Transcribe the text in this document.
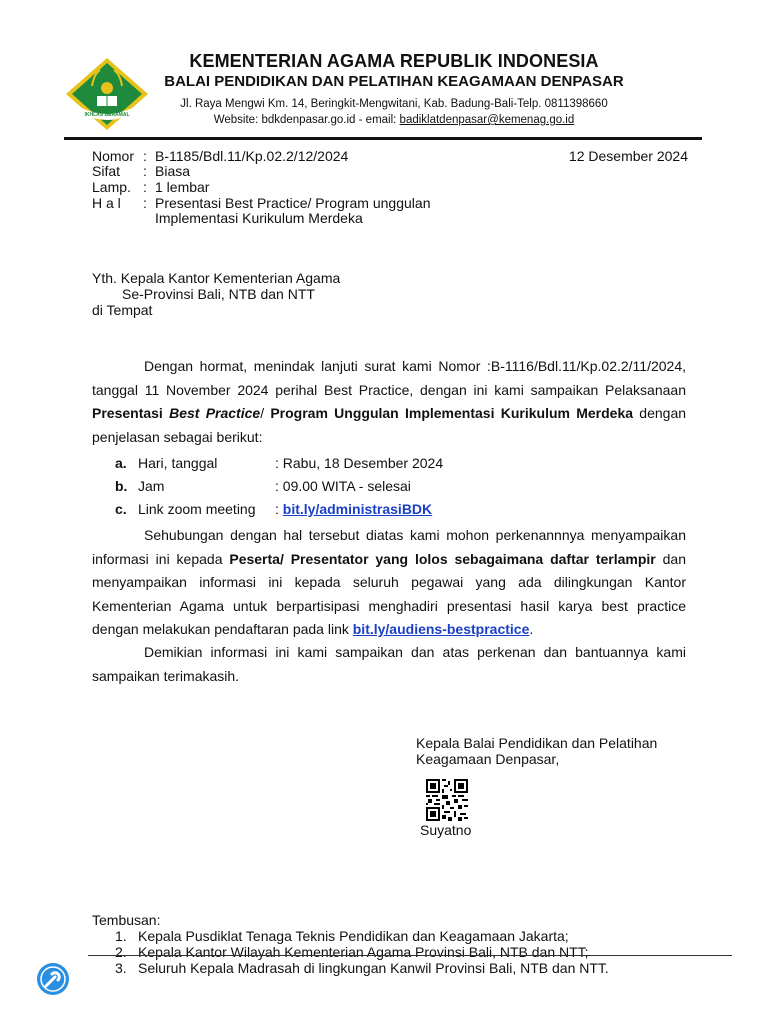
IKHLAS BERAMAL
KEMENTERIAN AGAMA REPUBLIK INDONESIA
BALAI PENDIDIKAN DAN PELATIHAN KEAGAMAAN DENPASAR
Jl. Raya Mengwi Km. 14, Beringkit-Mengwitani, Kab. Badung-Bali-Telp. 0811398660
Website: bdkdenpasar.go.id - email: badiklatdenpasar@kemenag.go.id
Nomor : B-1185/Bdl.11/Kp.02.2/12/2024
Sifat : Biasa
Lamp. : 1 lembar
H a l : Presentasi Best Practice/ Program unggulan
Implementasi Kurikulum Merdeka
12 Desember 2024
Yth. Kepala Kantor Kementerian Agama
Se-Provinsi Bali, NTB dan NTT
di Tempat
Dengan hormat, menindak lanjuti surat kami Nomor :B-1116/Bdl.11/Kp.02.2/11/2024, tanggal 11 November 2024 perihal Best Practice, dengan ini kami sampaikan Pelaksanaan Presentasi Best Practice/ Program Unggulan Implementasi Kurikulum Merdeka dengan penjelasan sebagai berikut:
a. Hari, tanggal	: Rabu, 18 Desember 2024
b. Jam	: 09.00 WITA - selesai
c. Link zoom meeting : bit.ly/administrasiBDK
Sehubungan dengan hal tersebut diatas kami mohon perkenannnya menyampaikan informasi ini kepada Peserta/ Presentator yang lolos sebagaimana daftar terlampir dan menyampaikan informasi ini kepada seluruh pegawai yang ada dilingkungan Kantor Kementerian Agama untuk berpartisipasi menghadiri presentasi hasil karya best practice dengan melakukan pendaftaran pada link bit.ly/audiens-bestpractice.
Demikian informasi ini kami sampaikan dan atas perkenan dan bantuannya kami sampaikan terimakasih.
Kepala Balai Pendidikan dan Pelatihan
Keagamaan Denpasar,
Suyatno
Tembusan:
1. Kepala Pusdiklat Tenaga Teknis Pendidikan dan Keagamaan Jakarta;
2. Kepala Kantor Wilayah Kementerian Agama Provinsi Bali, NTB dan NTT;
3. Seluruh Kepala Madrasah di lingkungan Kanwil Provinsi Bali, NTB dan NTT.
